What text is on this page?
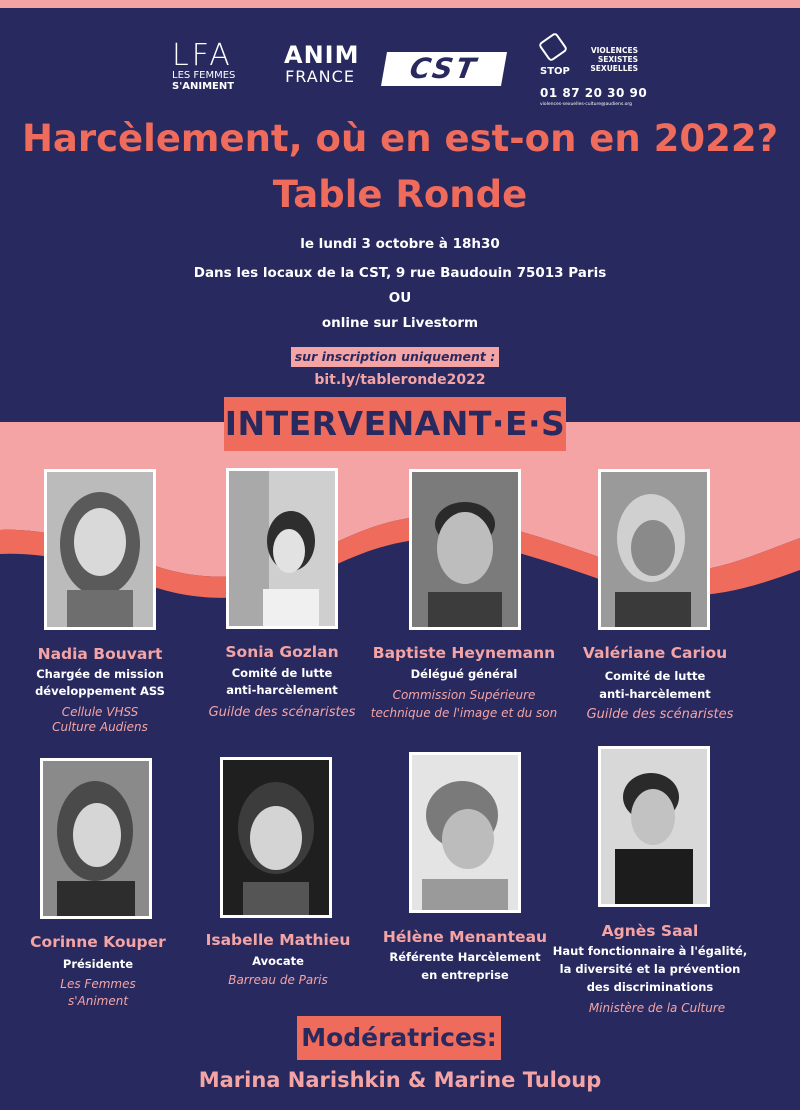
LFA
LES FEMMES
S'ANIMENT
ANIM
FRANCE	CST
VIOLENCES
SEXISTES
SEXUELLES
STOP
01 87 20 30 90
violences-sexuelles-culture@audiens.org
Harcèlement, où en est-on en 2022?
Table Ronde
le lundi 3 octobre à 18h30
Dans les locaux de la CST, 9 rue Baudouin 75013 Paris
OU
online sur Livestorm
sur inscription uniquement :
bit.ly/tableronde2022
INTERVENANT·E·S
Nadia Bouvart
Chargée de mission
développement ASS
Cellule VHSS
Culture Audiens
Sonia Gozlan
Comité de lutte
anti-harcèlement
Guilde des scénaristes
Baptiste Heynemann
Délégué général
Commission Supérieure
technique de l'image et du son
Valériane Cariou
Comité de lutte
anti-harcèlement
Guilde des scénaristes
Corinne Kouper
Présidente
Les Femmes
s'Animent
Isabelle Mathieu
Avocate
Barreau de Paris
Hélène Menanteau
Référente Harcèlement
en entreprise
Agnès Saal
Haut fonctionnaire à l'égalité,
la diversité et la prévention
des discriminations
Ministère de la Culture
Modératrices:
Marina Narishkin & Marine Tuloup
